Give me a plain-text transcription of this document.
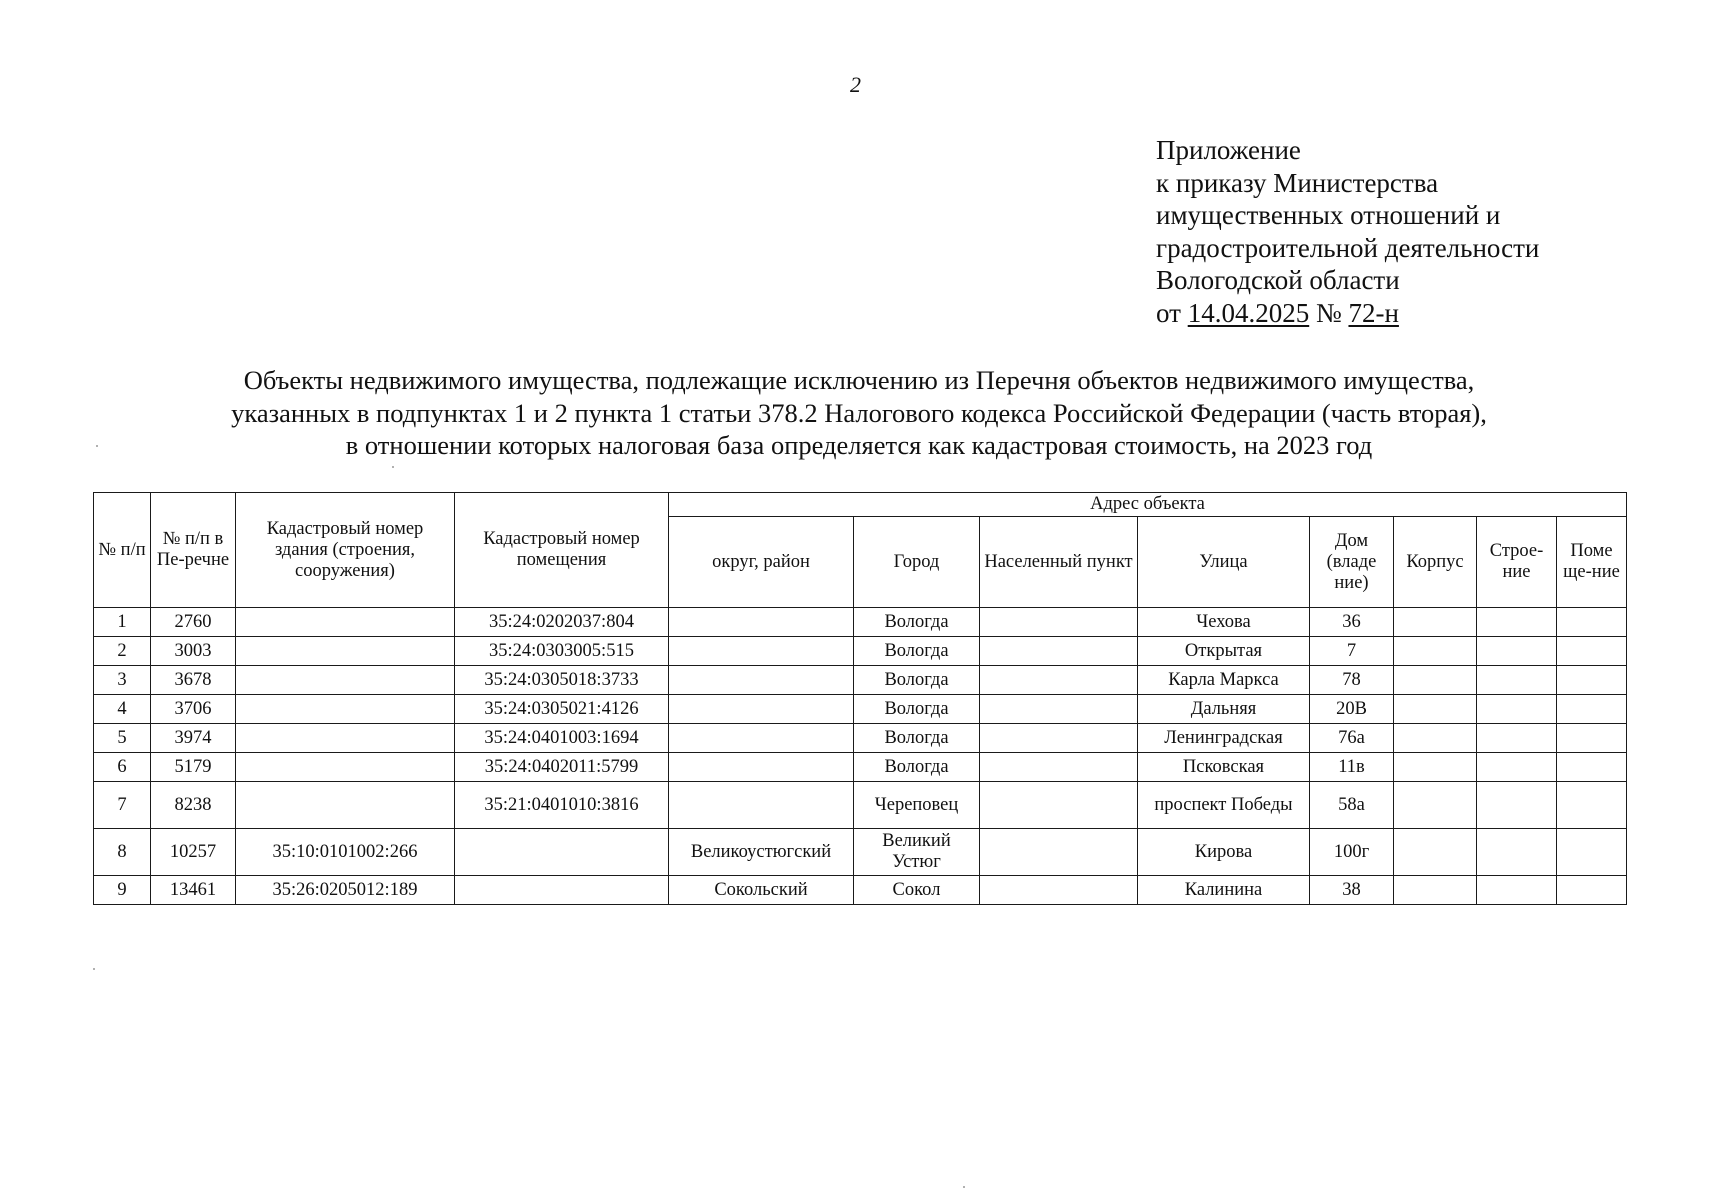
2
Приложение
к приказу Министерства
имущественных отношений и
градостроительной деятельности
Вологодской области
от 14.04.2025 № 72-н
Объекты недвижимого имущества, подлежащие исключению из Перечня объектов недвижимого имущества,
указанных в подпунктах 1 и 2 пункта 1 статьи 378.2 Налогового кодекса Российской Федерации (часть вторая),
в отношении которых налоговая база определяется как кадастровая стоимость, на 2023 год
№ п/п	№ п/п в Пе-речне	Кадастровый номер здания (строения, сооружения)	Кадастровый номер помещения	Адрес объекта							
				округ, район	Город	Населенный пункт	Улица	Дом (владе ние)	Корпус	Строе-ние	Поме ще-ние
1	2760		35:24:0202037:804		Вологда		Чехова	36			
2	3003		35:24:0303005:515		Вологда		Открытая	7			
3	3678		35:24:0305018:3733		Вологда		Карла Маркса	78			
4	3706		35:24:0305021:4126		Вологда		Дальняя	20В			
5	3974		35:24:0401003:1694		Вологда		Ленинградская	76а			
6	5179		35:24:0402011:5799		Вологда		Псковская	11в			
7	8238		35:21:0401010:3816		Череповец		проспект Победы	58а			
8	10257	35:10:0101002:266		Великоустюгский	Великий Устюг		Кирова	100г			
9	13461	35:26:0205012:189		Сокольский	Сокол		Калинина	38			
